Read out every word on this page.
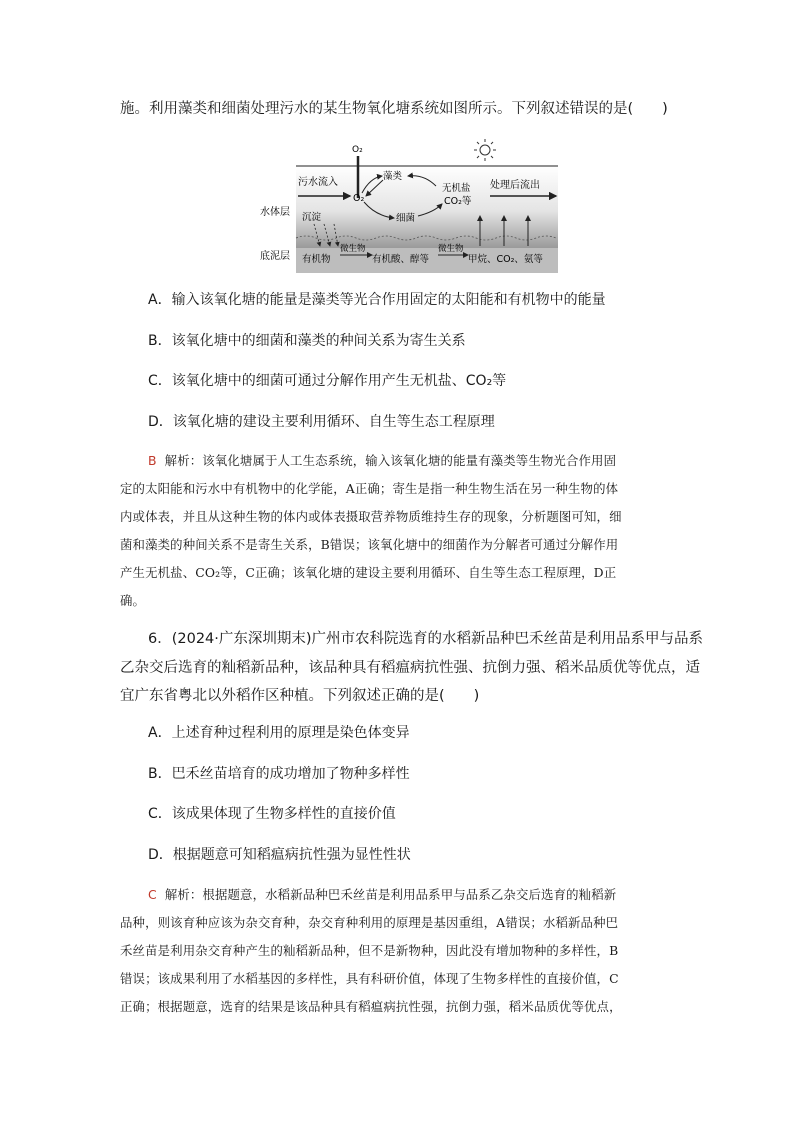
施。利用藻类和细菌处理污水的某生物氧化塘系统如图所示。下列叙述错误的是(　　)
O₂
污水流入
藻类
O₂
细菌
无机盐
CO₂等
处理后流出
水体层 沉淀
底泥层 有机物
微生物
有机酸、醇等
微生物
甲烷、CO₂、氨等
A．输入该氧化塘的能量是藻类等光合作用固定的太阳能和有机物中的能量
B．该氧化塘中的细菌和藻类的种间关系为寄生关系
C．该氧化塘中的细菌可通过分解作用产生无机盐、CO₂等
D．该氧化塘的建设主要利用循环、自生等生态工程原理
B 解析：该氧化塘属于人工生态系统，输入该氧化塘的能量有藻类等生物光合作用固
定的太阳能和污水中有机物中的化学能，A正确；寄生是指一种生物生活在另一种生物的体
内或体表，并且从这种生物的体内或体表摄取营养物质维持生存的现象，分析题图可知，细
菌和藻类的种间关系不是寄生关系，B错误；该氧化塘中的细菌作为分解者可通过分解作用
产生无机盐、CO₂等，C正确；该氧化塘的建设主要利用循环、自生等生态工程原理，D正
确。
6．(2024·广东深圳期末)广州市农科院选育的水稻新品种巴禾丝苗是利用品系甲与品系
乙杂交后选育的籼稻新品种，该品种具有稻瘟病抗性强、抗倒力强、稻米品质优等优点，适
宜广东省粤北以外稻作区种植。下列叙述正确的是(　　)
A．上述育种过程利用的原理是染色体变异
B．巴禾丝苗培育的成功增加了物种多样性
C．该成果体现了生物多样性的直接价值
D．根据题意可知稻瘟病抗性强为显性性状
C 解析：根据题意，水稻新品种巴禾丝苗是利用品系甲与品系乙杂交后选育的籼稻新
品种，则该育种应该为杂交育种，杂交育种利用的原理是基因重组，A错误；水稻新品种巴
禾丝苗是利用杂交育种产生的籼稻新品种，但不是新物种，因此没有增加物种的多样性，B
错误；该成果利用了水稻基因的多样性，具有科研价值，体现了生物多样性的直接价值，C
正确；根据题意，选育的结果是该品种具有稻瘟病抗性强，抗倒力强，稻米品质优等优点，
